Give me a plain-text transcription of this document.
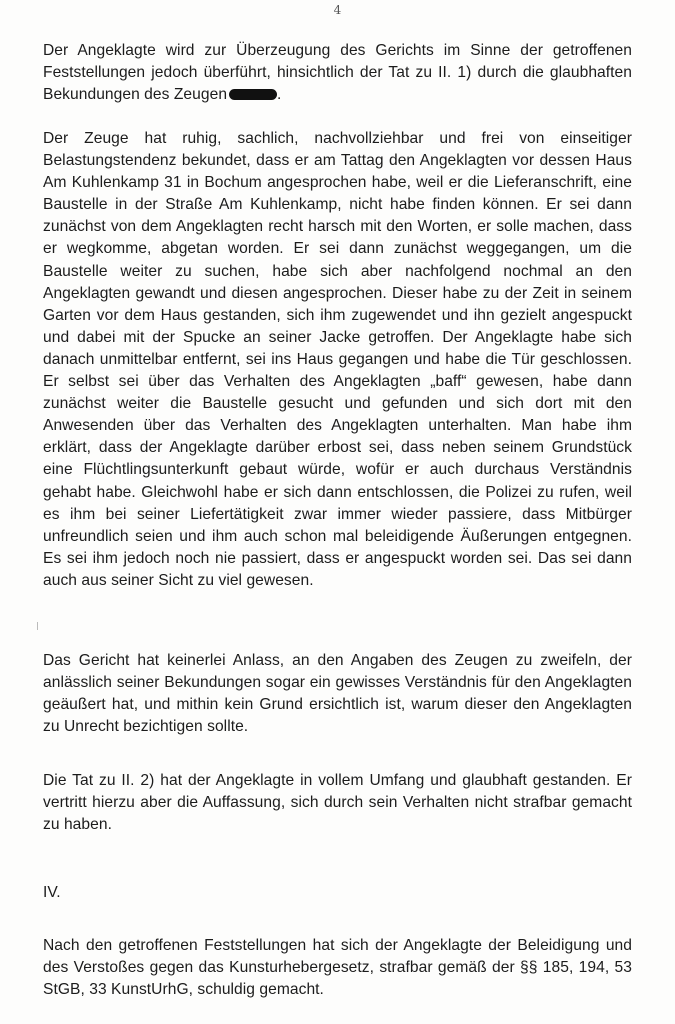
4

Der Angeklagte wird zur Überzeugung des Gerichts im Sinne der getroffenen Feststellungen jedoch überführt, hinsichtlich der Tat zu II. 1) durch die glaubhaften Bekundungen des Zeugen	.

Der Zeuge hat ruhig, sachlich, nachvollziehbar und frei von einseitiger Belastungstendenz bekundet, dass er am Tattag den Angeklagten vor dessen Haus Am Kuhlenkamp 31 in Bochum angesprochen habe, weil er die Lieferanschrift, eine Baustelle in der Straße Am Kuhlenkamp, nicht habe finden können. Er sei dann zunächst von dem Angeklagten recht harsch mit den Worten, er solle machen, dass er wegkomme, abgetan worden. Er sei dann zunächst weggegangen, um die Baustelle weiter zu suchen, habe sich aber nachfolgend nochmal an den Angeklagten gewandt und diesen angesprochen. Dieser habe zu der Zeit in seinem Garten vor dem Haus gestanden, sich ihm zugewendet und ihn gezielt angespuckt und dabei mit der Spucke an seiner Jacke getroffen. Der Angeklagte habe sich danach unmittelbar entfernt, sei ins Haus gegangen und habe die Tür geschlossen. Er selbst sei über das Verhalten des Angeklagten „baff“ gewesen, habe dann zunächst weiter die Baustelle gesucht und gefunden und sich dort mit den Anwesenden über das Verhalten des Angeklagten unterhalten. Man habe ihm erklärt, dass der Angeklagte darüber erbost sei, dass neben seinem Grundstück eine Flüchtlingsunterkunft gebaut würde, wofür er auch durchaus Verständnis gehabt habe. Gleichwohl habe er sich dann entschlossen, die Polizei zu rufen, weil es ihm bei seiner Liefertätigkeit zwar immer wieder passiere, dass Mitbürger unfreundlich seien und ihm auch schon mal beleidigende Äußerungen entgegnen. Es sei ihm jedoch noch nie passiert, dass er angespuckt worden sei. Das sei dann auch aus seiner Sicht zu viel gewesen.

Das Gericht hat keinerlei Anlass, an den Angaben des Zeugen zu zweifeln, der anlässlich seiner Bekundungen sogar ein gewisses Verständnis für den Angeklagten geäußert hat, und mithin kein Grund ersichtlich ist, warum dieser den Angeklagten zu Unrecht bezichtigen sollte.

Die Tat zu II. 2) hat der Angeklagte in vollem Umfang und glaubhaft gestanden. Er vertritt hierzu aber die Auffassung, sich durch sein Verhalten nicht strafbar gemacht zu haben.

IV.

Nach den getroffenen Feststellungen hat sich der Angeklagte der Beleidigung und des Verstoßes gegen das Kunsturhebergesetz, strafbar gemäß der §§ 185, 194, 53 StGB, 33 KunstUrhG, schuldig gemacht.
